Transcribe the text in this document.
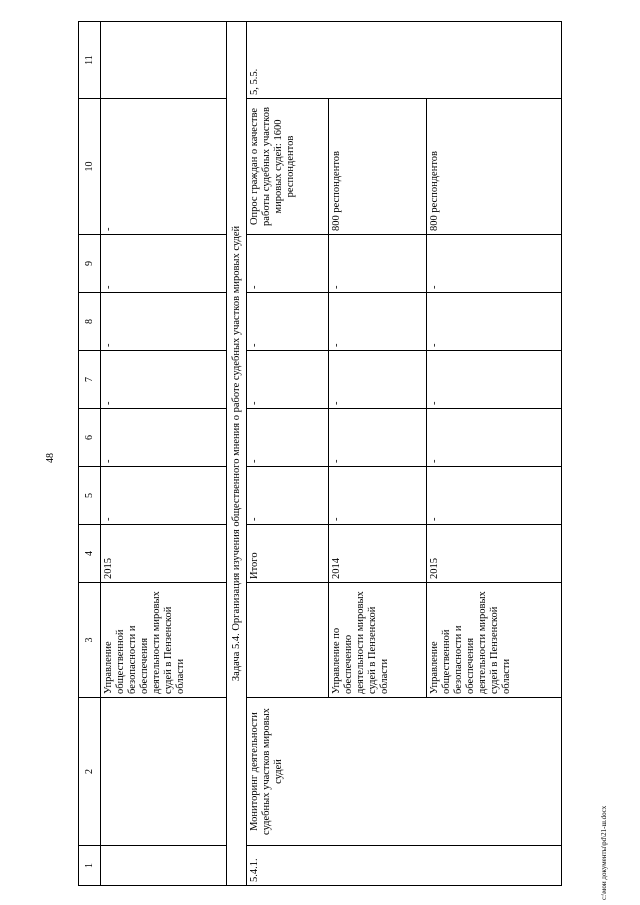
48
c:\мои документы\pd\21-ш.docx
1	2	3	4	5	6	7	8	9	10	11
		Управление общественной безопасности и обеспечения деятельности мировых судей в Пензенской области	2015	-	-	-	-	-	-	
Задача 5.4. Организация изучения общественного мнения о работе судебных участков мировых судей										
5.4.1.	Мониторинг деятельности судебных участков мировых судей		Итого	-	-	-	-	-	Опрос граждан о качестве работы судебных участков мировых судей: 1600 респондентов	5, 5.5.
		Управление по обеспечению деятельности мировых судей в Пензенской области	2014	-	-	-	-	-	800 респондентов	
		Управление общественной безопасности и обеспечения деятельности мировых судей в Пензенской области	2015	-	-	-	-	-	800 респондентов	
